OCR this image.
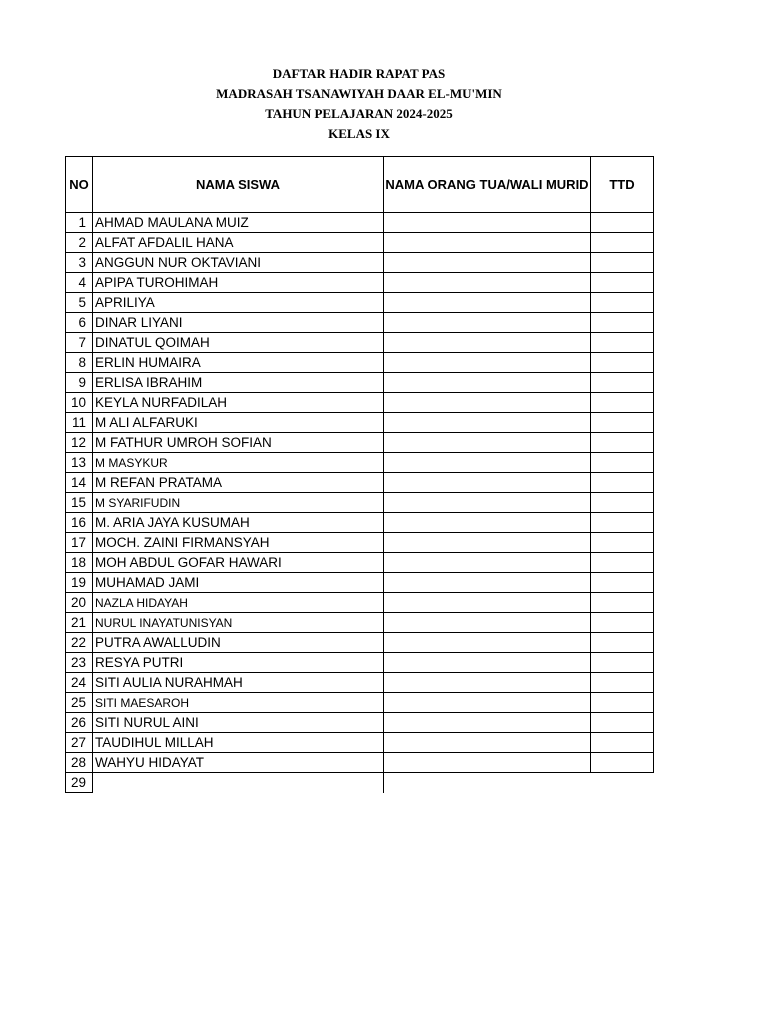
DAFTAR HADIR RAPAT PAS
MADRASAH TSANAWIYAH DAAR EL-MU'MIN
TAHUN PELAJARAN 2024-2025
KELAS IX
NO	NAMA SISWA	NAMA ORANG TUA/WALI MURID	TTD
1	AHMAD MAULANA MUIZ		
2	ALFAT AFDALIL HANA		
3	ANGGUN NUR OKTAVIANI		
4	APIPA TUROHIMAH		
5	APRILIYA		
6	DINAR LIYANI		
7	DINATUL QOIMAH		
8	ERLIN HUMAIRA		
9	ERLISA IBRAHIM		
10	KEYLA NURFADILAH		
11	M ALI ALFARUKI		
12	M FATHUR UMROH SOFIAN		
13	M MASYKUR		
14	M REFAN PRATAMA		
15	M SYARIFUDIN		
16	M. ARIA JAYA KUSUMAH		
17	MOCH. ZAINI FIRMANSYAH		
18	MOH ABDUL GOFAR HAWARI		
19	MUHAMAD JAMI		
20	NAZLA HIDAYAH		
21	NURUL INAYATUNISYAN		
22	PUTRA AWALLUDIN		
23	RESYA PUTRI		
24	SITI AULIA NURAHMAH		
25	SITI MAESAROH		
26	SITI NURUL AINI		
27	TAUDIHUL MILLAH		
28	WAHYU HIDAYAT		
29			
